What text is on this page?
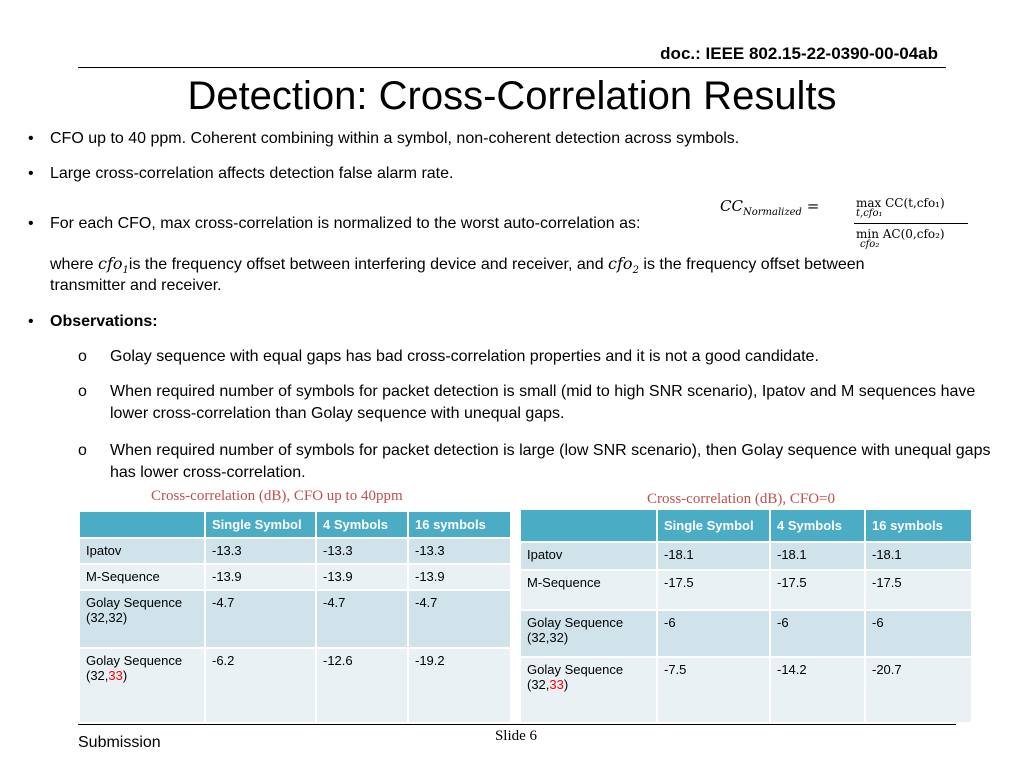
doc.: IEEE 802.15-22-0390-00-04ab
Detection: Cross-Correlation Results
• CFO up to 40 ppm. Coherent combining within a symbol, non-coherent detection across symbols.
• Large cross-correlation affects detection false alarm rate.
• For each CFO, max cross-correlation is normalized to the worst auto-correlation as:
$CC_{Normalized}$ =	max CC(t,cfo₁)
t,cfo₁
min AC(0,cfo₂)
cfo₂
where cfo$_1$is the frequency offset between interfering device and receiver, and cfo$_2$ is the frequency offset between
transmitter and receiver.
• Observations:
o Golay sequence with equal gaps has bad cross-correlation properties and it is not a good candidate.
o When required number of symbols for packet detection is small (mid to high SNR scenario), Ipatov and M sequences have lower cross-correlation than Golay sequence with unequal gaps.
o When required number of symbols for packet detection is large (low SNR scenario), then Golay sequence with unequal gaps has lower cross-correlation.
Cross-correlation (dB), CFO up to 40ppm
	Single Symbol	4 Symbols	16 symbols
Ipatov	-13.3	-13.3	-13.3
M-Sequence	-13.9	-13.9	-13.9
Golay Sequence (32,32)	-4.7	-4.7	-4.7
Golay Sequence (32,33)	-6.2	-12.6	-19.2
Cross-correlation (dB), CFO=0
	Single Symbol	4 Symbols	16 symbols
Ipatov	-18.1	-18.1	-18.1
M-Sequence	-17.5	-17.5	-17.5
Golay Sequence (32,32)	-6	-6	-6
Golay Sequence (32,33)	-7.5	-14.2	-20.7
Submission	Slide 6
